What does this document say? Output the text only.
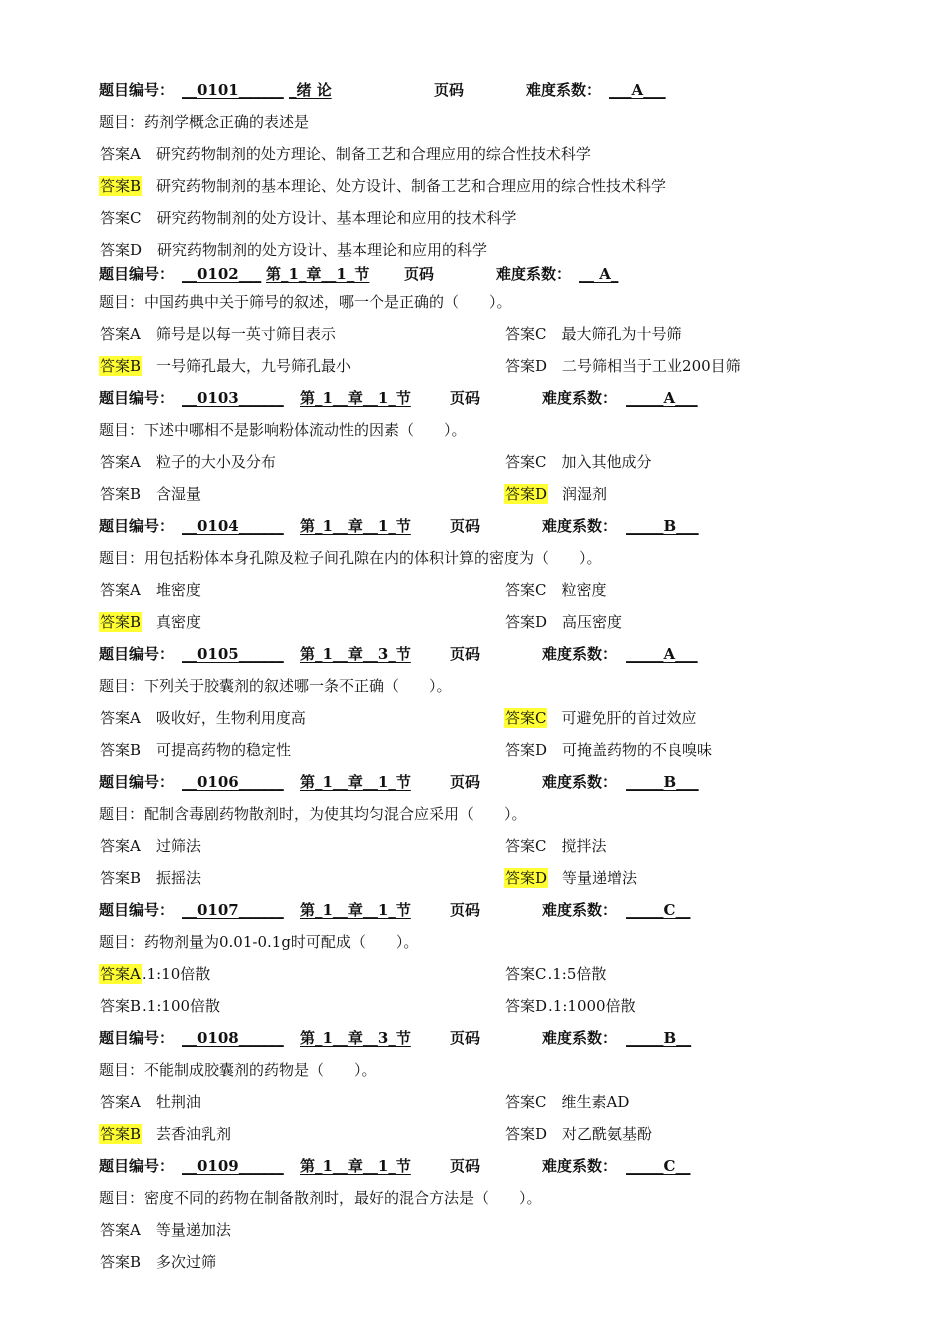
题目编号： __0101______ _绪 论	页码	难度系数： ___A___
题目：药剂学概念正确的表述是
答案A 研究药物制剂的处方理论、制备工艺和合理应用的综合性技术科学
答案B 研究药物制剂的基本理论、处方设计、制备工艺和合理应用的综合性技术科学
答案C 研究药物制剂的处方设计、基本理论和应用的技术科学
答案D 研究药物制剂的处方设计、基本理论和应用的科学
题目编号： __0102___ 第_1_章__1_节 页码	难度系数： __ A_
题目：中国药典中关于筛号的叙述，哪一个是正确的（　　）。
答案A 筛号是以每一英寸筛目表示	答案C 最大筛孔为十号筛
答案B 一号筛孔最大，九号筛孔最小	答案D 二号筛相当于工业200目筛
题目编号： __0103______ 第_1__章__1_节	页码	难度系数： _____A___
题目：下述中哪相不是影响粉体流动性的因素（　　）。
答案A 粒子的大小及分布	答案C 加入其他成分
答案B 含湿量	答案D 润湿剂
题目编号： __0104______ 第_1__章__1_节	页码	难度系数： _____B___
题目：用包括粉体本身孔隙及粒子间孔隙在内的体积计算的密度为（　　）。
答案A 堆密度	答案C 粒密度
答案B 真密度	答案D 高压密度
题目编号： __0105______ 第_1__章__3_节	页码	难度系数： _____A___
题目：下列关于胶囊剂的叙述哪一条不正确（　　）。
答案A 吸收好，生物利用度高	答案C 可避免肝的首过效应
答案B 可提高药物的稳定性	答案D 可掩盖药物的不良嗅味
题目编号： __0106______ 第_1__章__1_节	页码	难度系数： _____B___
题目：配制含毒剧药物散剂时，为使其均匀混合应采用（　　）。
答案A 过筛法	答案C 搅拌法
答案B 振摇法	答案D 等量递增法
题目编号： __0107______ 第_1__章__1_节	页码	难度系数： _____C__
题目：药物剂量为0.01-0.1g时可配成（　　）。
答案A.1:10倍散	答案C.1:5倍散
答案B.1:100倍散	答案D.1:1000倍散
题目编号： __0108______ 第_1__章__3_节	页码	难度系数： _____B__
题目：不能制成胶囊剂的药物是（　　）。
答案A 牡荆油	答案C 维生素AD
答案B 芸香油乳剂	答案D 对乙酰氨基酚
题目编号： __0109______ 第_1__章__1_节	页码	难度系数： _____C__
题目：密度不同的药物在制备散剂时，最好的混合方法是（　　）。
答案A 等量递加法
答案B 多次过筛
